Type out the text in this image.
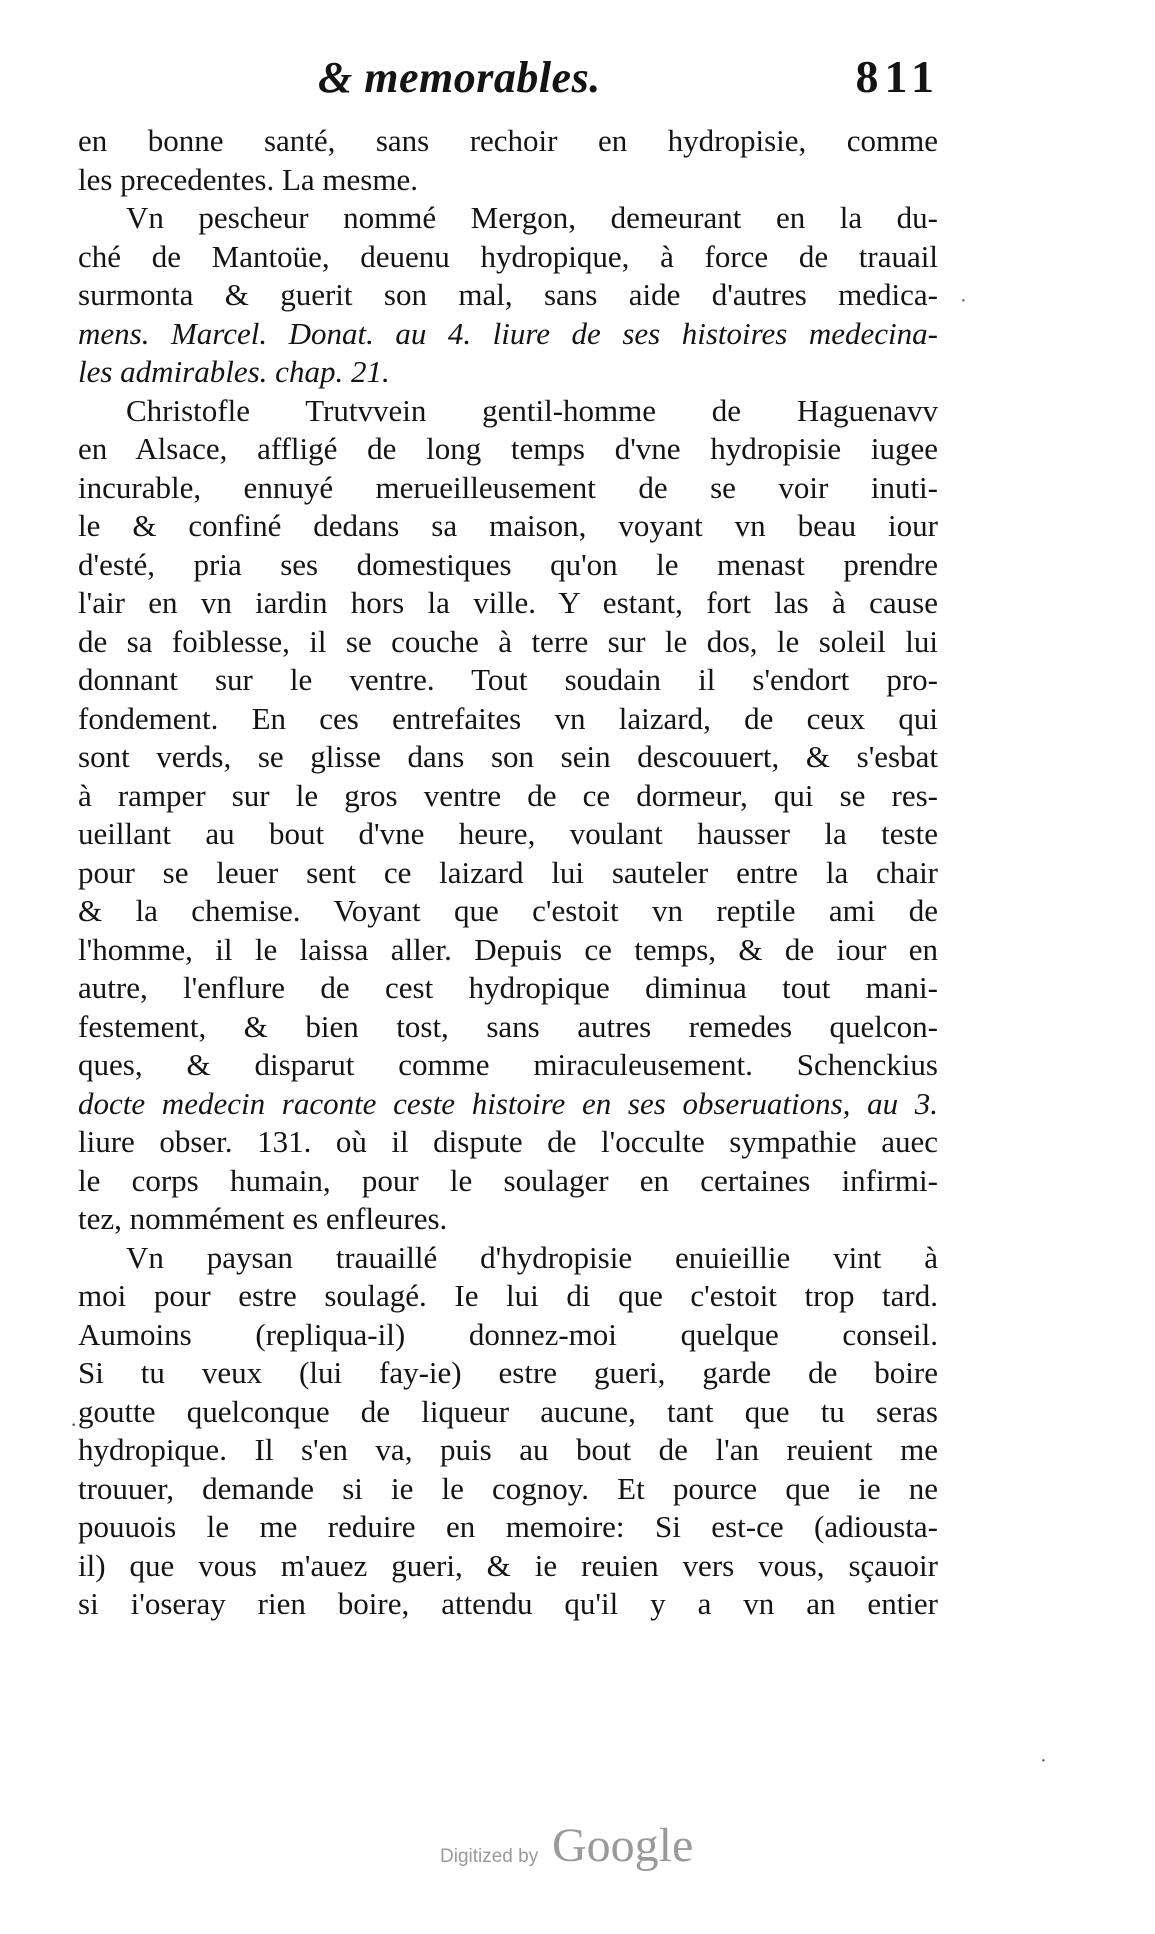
& memorables.	811
en bonne santé, sans rechoir en hydropisie, comme
les precedentes. La mesme.
Vn pescheur nommé Mergon, demeurant en la du-
ché de Mantoüe, deuenu hydropique, à force de trauail
surmonta & guerit son mal, sans aide d'autres medica-
mens. Marcel. Donat. au 4. liure de ses histoires medecina-
les admirables. chap. 21.
Christofle Trutvvein gentil-homme de Haguenavv
en Alsace, affligé de long temps d'vne hydropisie iugee
incurable, ennuyé merueilleusement de se voir inuti-
le & confiné dedans sa maison, voyant vn beau iour
d'esté, pria ses domestiques qu'on le menast prendre
l'air en vn iardin hors la ville. Y estant, fort las à cause
de sa foiblesse, il se couche à terre sur le dos, le soleil lui
donnant sur le ventre. Tout soudain il s'endort pro-
fondement. En ces entrefaites vn laizard, de ceux qui
sont verds, se glisse dans son sein descouuert, & s'esbat
à ramper sur le gros ventre de ce dormeur, qui se res-
ueillant au bout d'vne heure, voulant hausser la teste
pour se leuer sent ce laizard lui sauteler entre la chair
& la chemise. Voyant que c'estoit vn reptile ami de
l'homme, il le laissa aller. Depuis ce temps, & de iour en
autre, l'enflure de cest hydropique diminua tout mani-
festement, & bien tost, sans autres remedes quelcon-
ques, & disparut comme miraculeusement. Schenckius
docte medecin raconte ceste histoire en ses obseruations, au 3.
liure obser. 131. où il dispute de l'occulte sympathie auec
le corps humain, pour le soulager en certaines infirmi-
tez, nommément es enfleures.
Vn paysan trauaillé d'hydropisie enuieillie vint à
moi pour estre soulagé. Ie lui di que c'estoit trop tard.
Aumoins (repliqua-il) donnez-moi quelque conseil.
Si tu veux (lui fay-ie) estre gueri, garde de boire
goutte quelconque de liqueur aucune, tant que tu seras
hydropique. Il s'en va, puis au bout de l'an reuient me
trouuer, demande si ie le cognoy. Et pource que ie ne
pouuois le me reduire en memoire: Si est-ce (adiousta-
il) que vous m'auez gueri, & ie reuien vers vous, sçauoir
si i'oseray rien boire, attendu qu'il y a vn an entier
·
·
·
Digitized by Google
